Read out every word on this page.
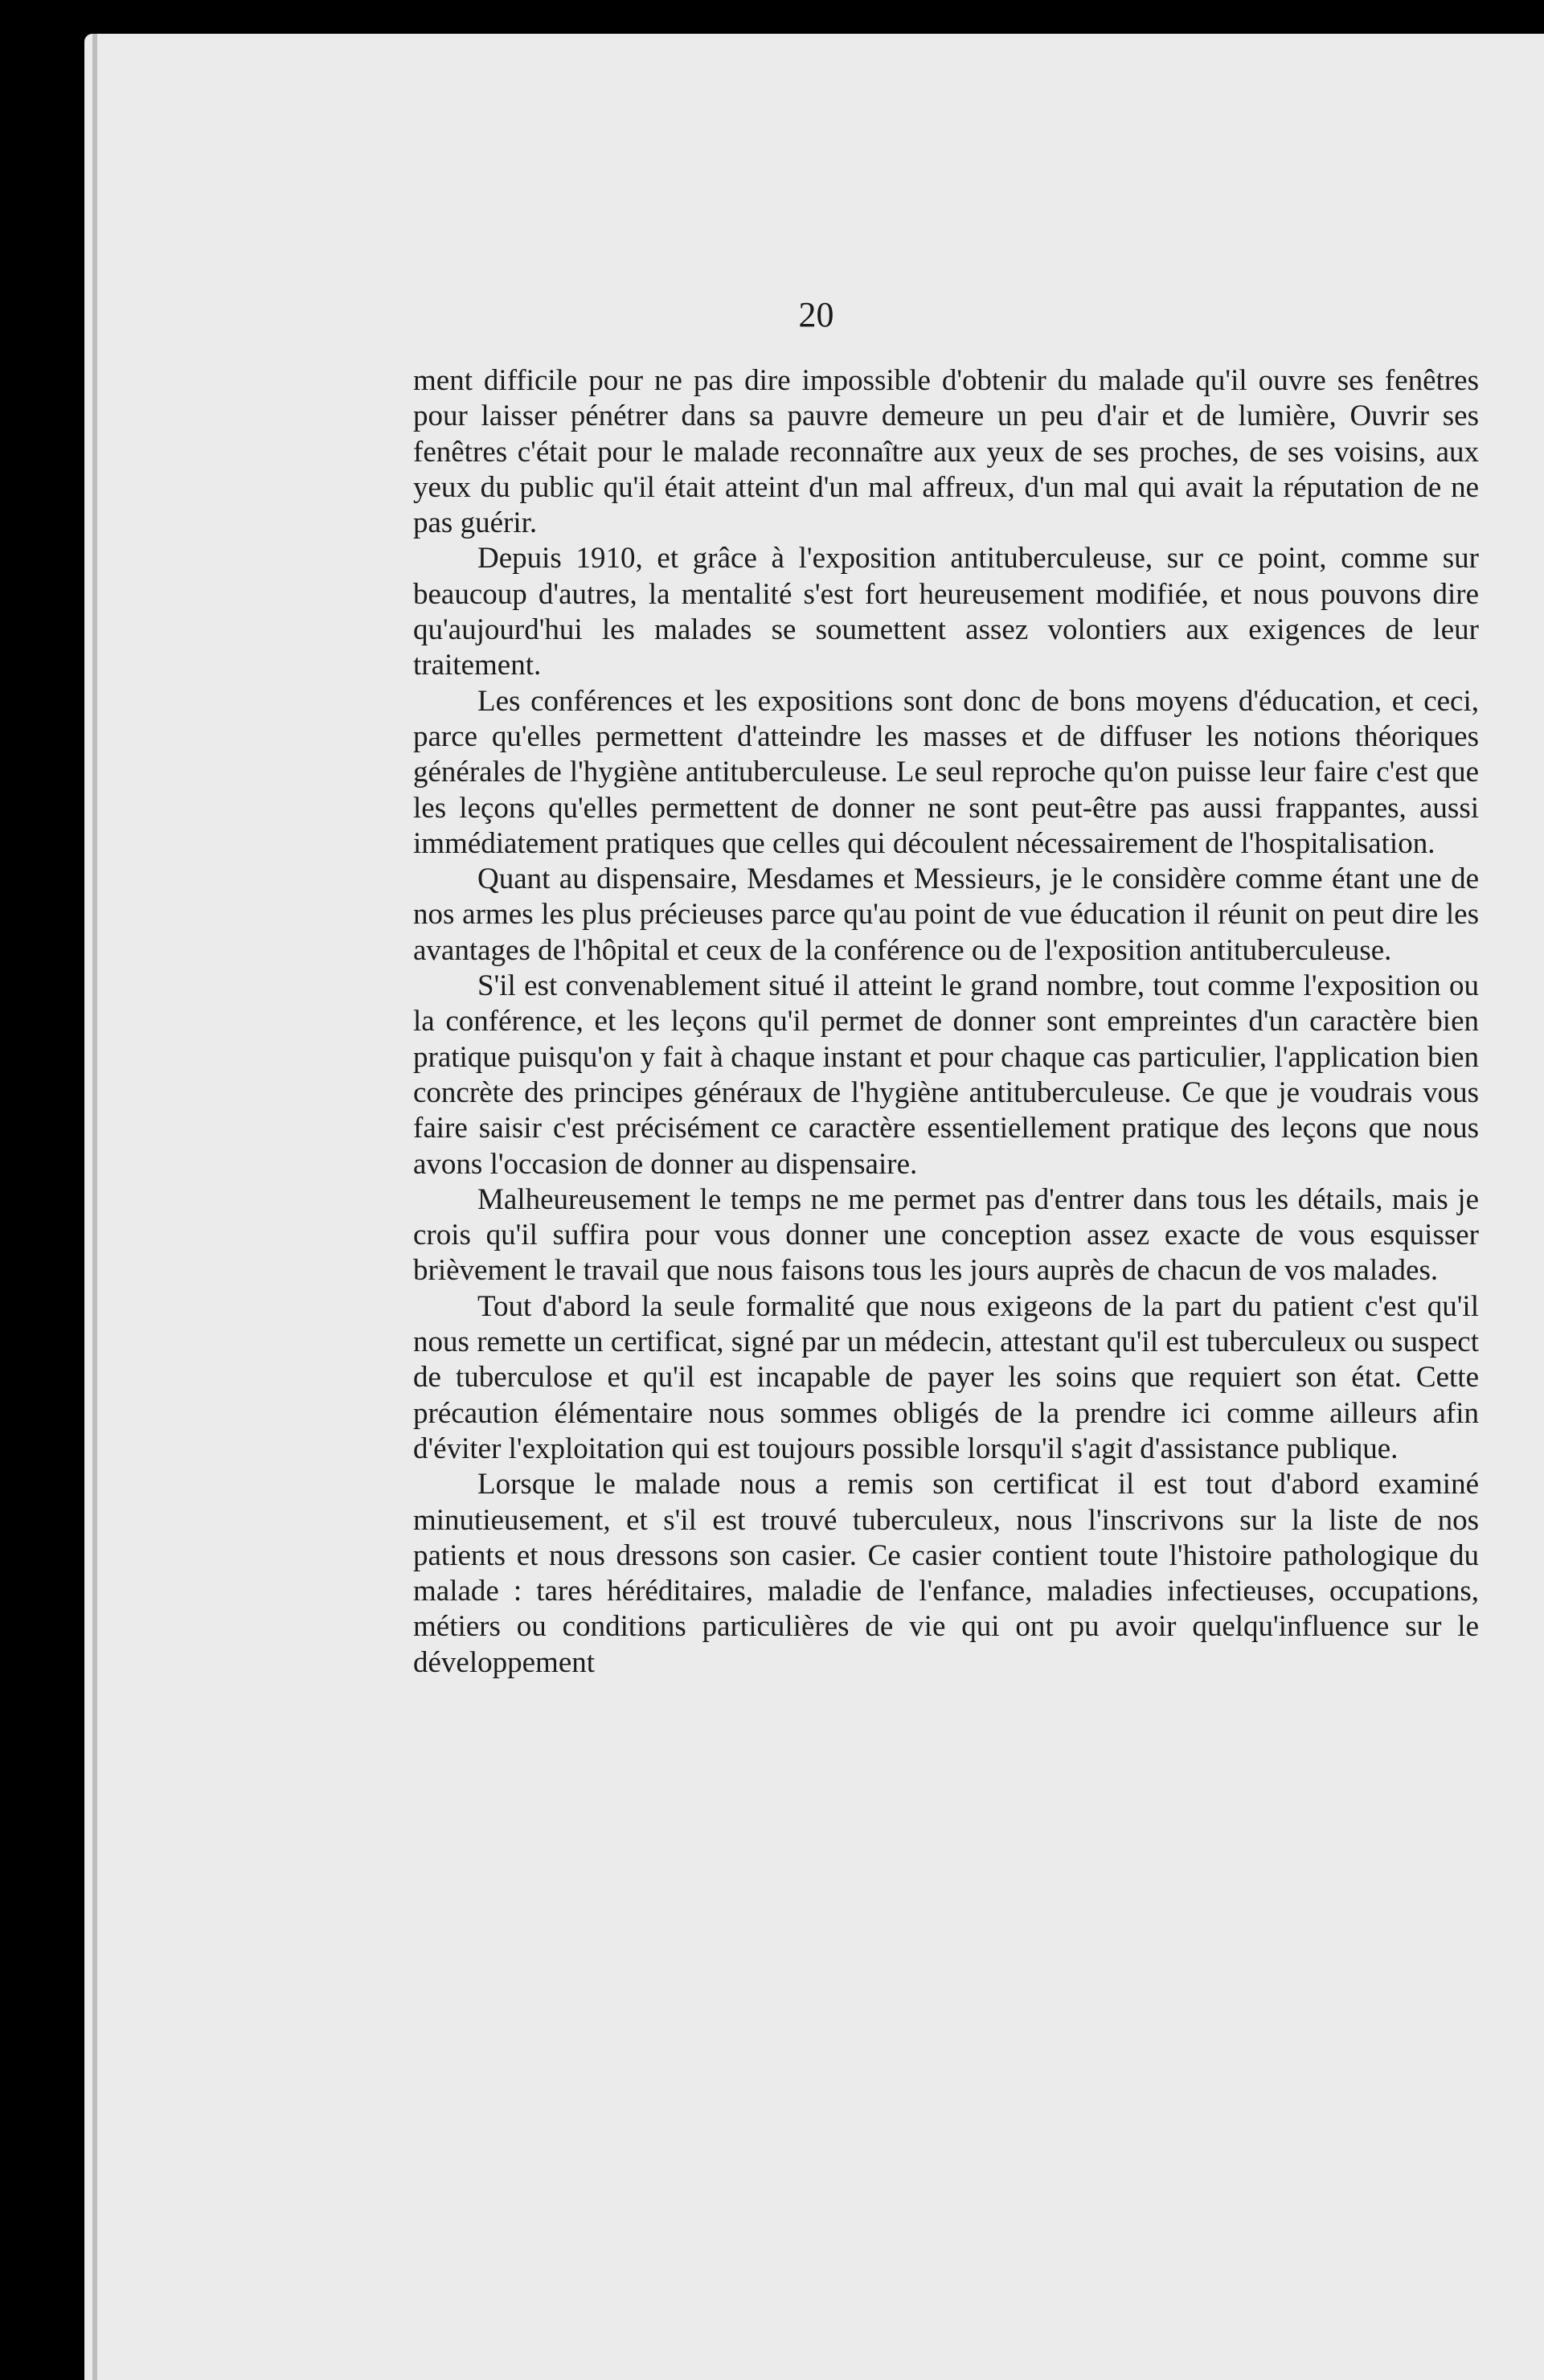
20

ment difficile pour ne pas dire impossible d'obtenir du malade qu'il ouvre ses fenêtres pour laisser pénétrer dans sa pauvre demeure un peu d'air et de lumière, Ouvrir ses fenêtres c'était pour le malade reconnaître aux yeux de ses proches, de ses voisins, aux yeux du public qu'il était atteint d'un mal affreux, d'un mal qui avait la réputation de ne pas guérir.

Depuis 1910, et grâce à l'exposition antituberculeuse, sur ce point, comme sur beaucoup d'autres, la mentalité s'est fort heureusement modifiée, et nous pouvons dire qu'aujourd'hui les malades se soumettent assez volontiers aux exigences de leur traitement.

Les conférences et les expositions sont donc de bons moyens d'éducation, et ceci, parce qu'elles permettent d'atteindre les masses et de diffuser les notions théoriques générales de l'hygiène antituberculeuse. Le seul reproche qu'on puisse leur faire c'est que les leçons qu'elles permettent de donner ne sont peut-être pas aussi frappantes, aussi immédiatement pratiques que celles qui découlent nécessairement de l'hospitalisation.

Quant au dispensaire, Mesdames et Messieurs, je le considère comme étant une de nos armes les plus précieuses parce qu'au point de vue éducation il réunit on peut dire les avantages de l'hôpital et ceux de la conférence ou de l'exposition antituberculeuse.

S'il est convenablement situé il atteint le grand nombre, tout comme l'exposition ou la conférence, et les leçons qu'il permet de donner sont empreintes d'un caractère bien pratique puisqu'on y fait à chaque instant et pour chaque cas particulier, l'application bien concrète des principes généraux de l'hygiène antituberculeuse. Ce que je voudrais vous faire saisir c'est précisément ce caractère essentiellement pratique des leçons que nous avons l'occasion de donner au dispensaire.

Malheureusement le temps ne me permet pas d'entrer dans tous les détails, mais je crois qu'il suffira pour vous donner une conception assez exacte de vous esquisser brièvement le travail que nous faisons tous les jours auprès de chacun de vos malades.

Tout d'abord la seule formalité que nous exigeons de la part du patient c'est qu'il nous remette un certificat, signé par un médecin, attestant qu'il est tuberculeux ou suspect de tuberculose et qu'il est incapable de payer les soins que requiert son état. Cette précaution élémentaire nous sommes obligés de la prendre ici comme ailleurs afin d'éviter l'exploitation qui est toujours possible lorsqu'il s'agit d'assistance publique.

Lorsque le malade nous a remis son certificat il est tout d'abord examiné minutieusement, et s'il est trouvé tuberculeux, nous l'inscrivons sur la liste de nos patients et nous dressons son casier. Ce casier contient toute l'histoire pathologique du malade : tares héréditaires, maladie de l'enfance, maladies infectieuses, occupations, métiers ou conditions particulières de vie qui ont pu avoir quelqu'influence sur le développement
